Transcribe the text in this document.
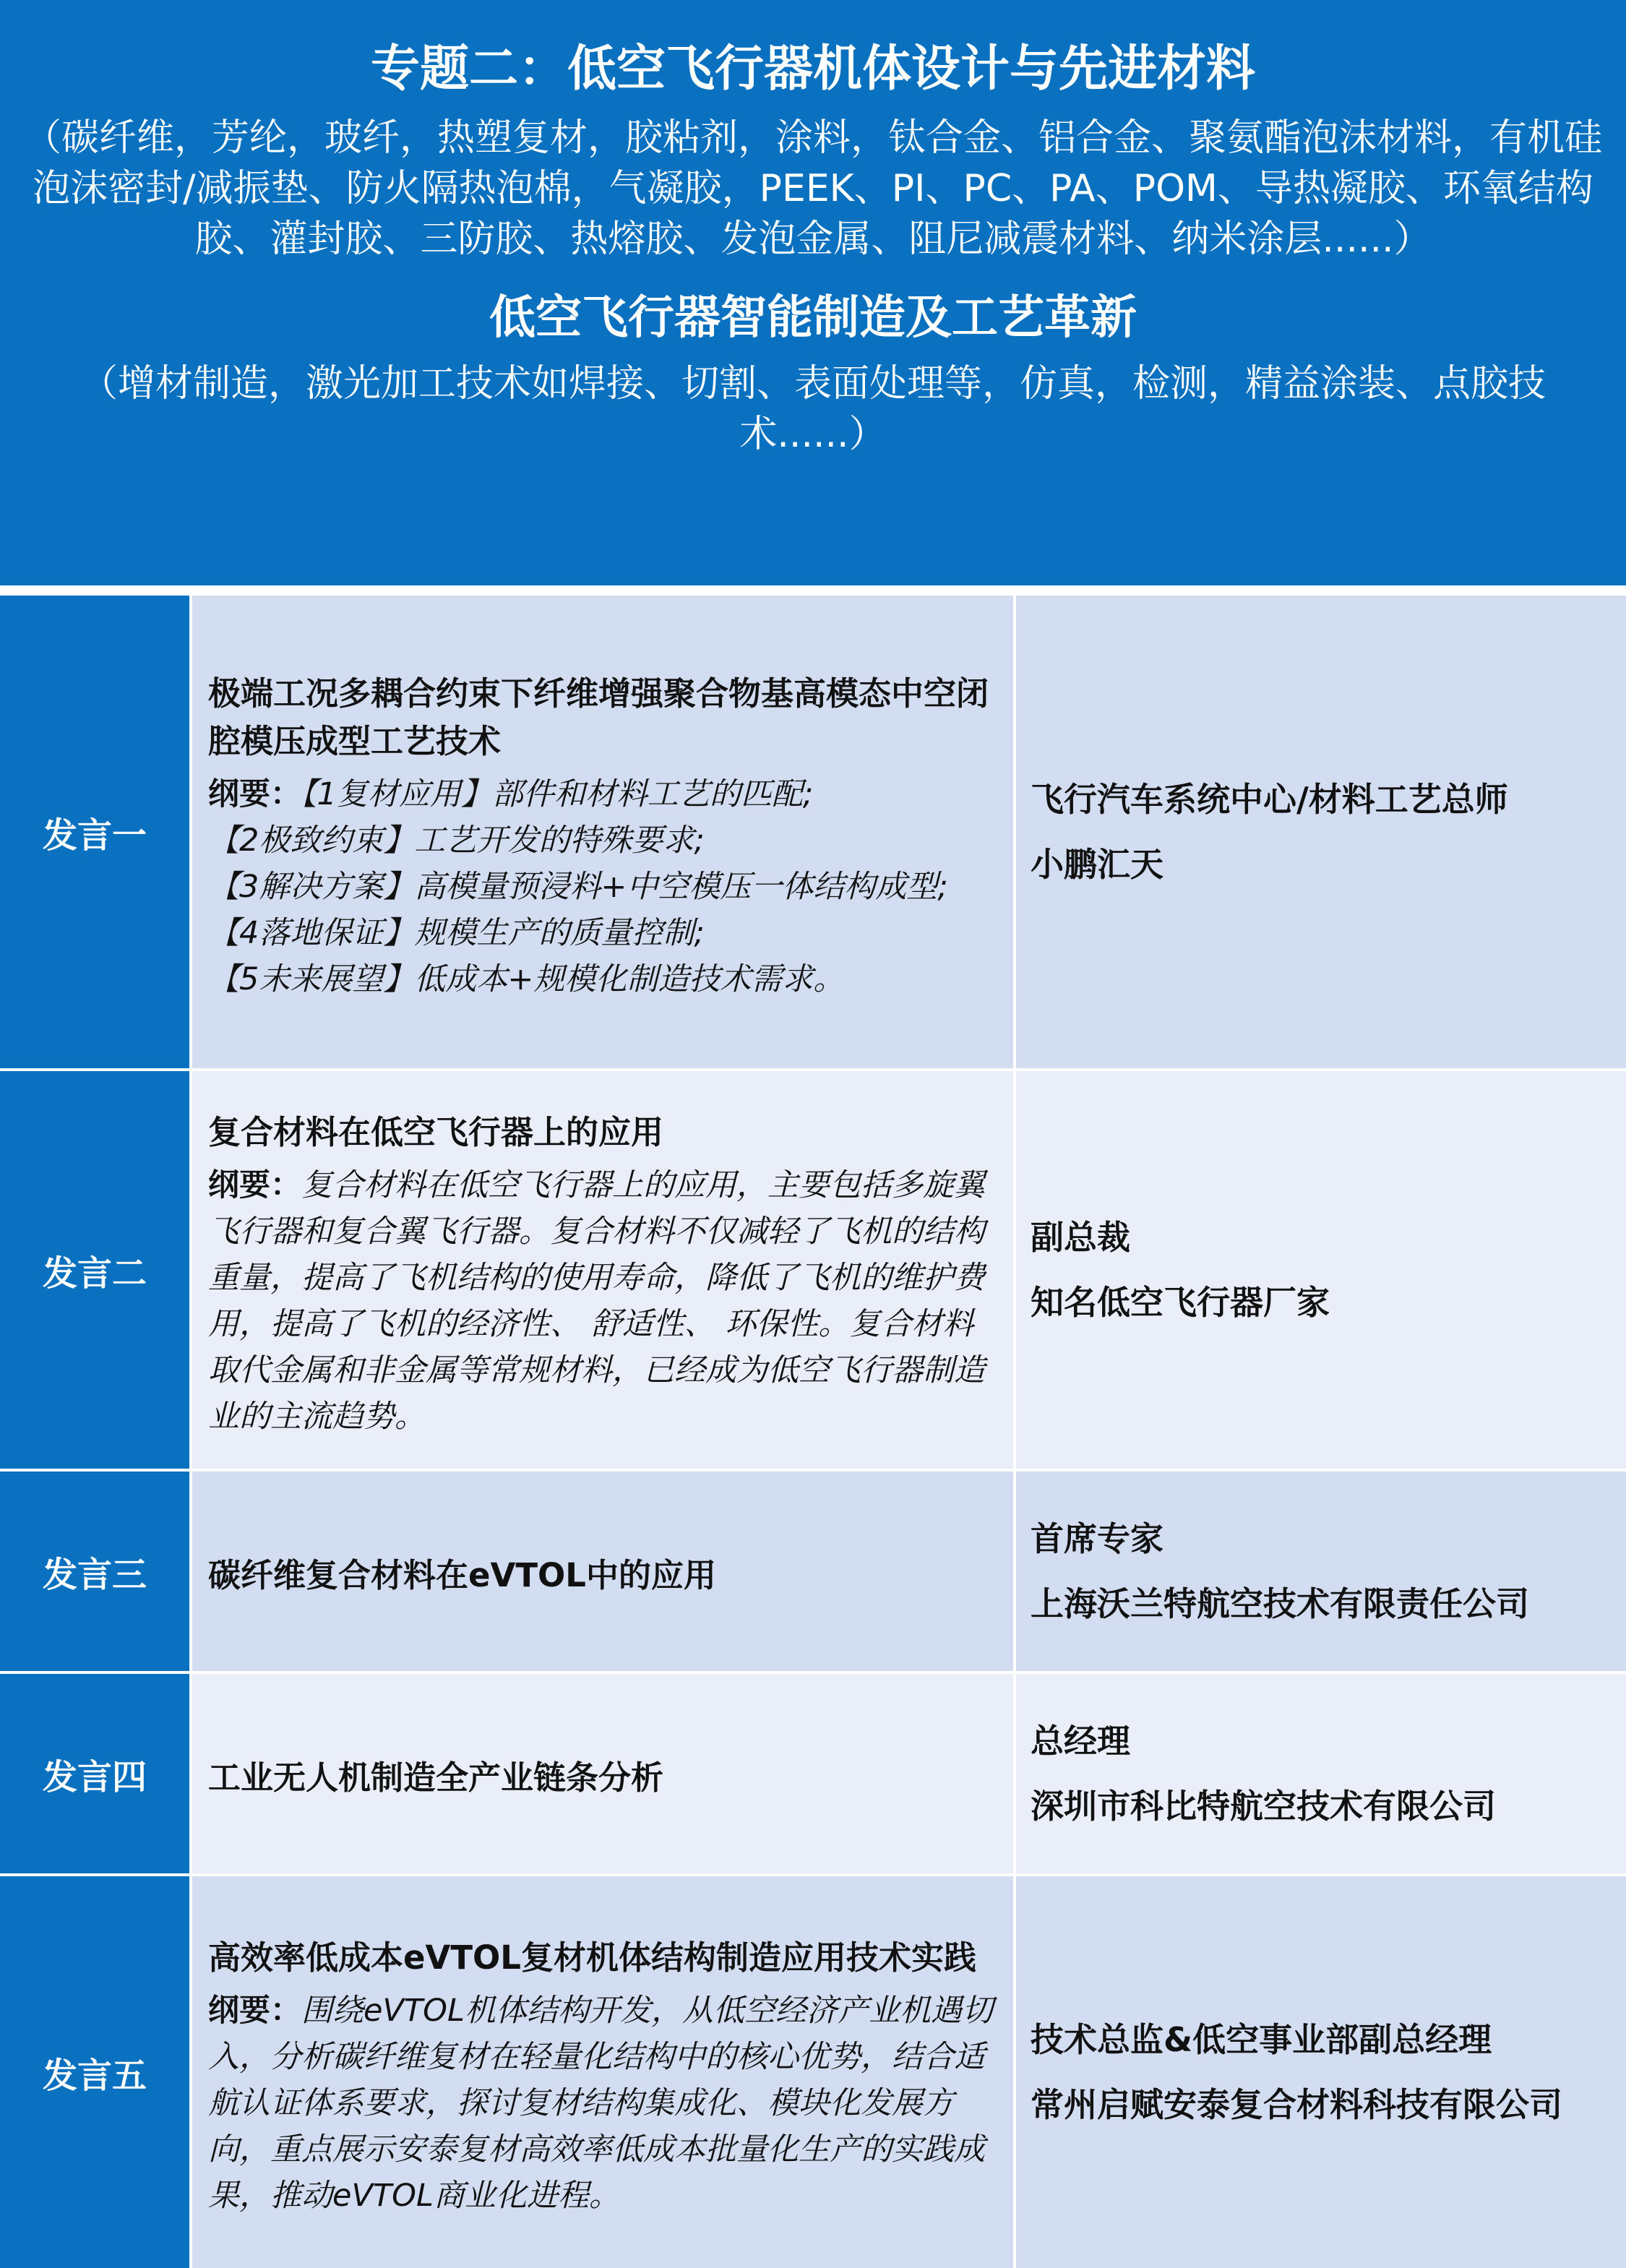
专题二：低空飞行器机体设计与先进材料
（碳纤维，芳纶，玻纤，热塑复材，胶粘剂，涂料，钛合金、铝合金、聚氨酯泡沫材料，有机硅泡沫密封/减振垫、防火隔热泡棉，气凝胶，PEEK、PI、PC、PA、POM、导热凝胶、环氧结构胶、灌封胶、三防胶、热熔胶、发泡金属、阻尼减震材料、纳米涂层......）
低空飞行器智能制造及工艺革新
（增材制造，激光加工技术如焊接、切割、表面处理等，仿真，检测，精益涂装、点胶技术......）
发言一
极端工况多耦合约束下纤维增强聚合物基高模态中空闭腔模压成型工艺技术
纲要：【1复材应用】部件和材料工艺的匹配;
【2极致约束】工艺开发的特殊要求;
【3解决方案】高模量预浸料+中空模压一体结构成型;
【4落地保证】规模生产的质量控制;
【5未来展望】低成本+规模化制造技术需求。
飞行汽车系统中心/材料工艺总师
小鹏汇天
发言二
复合材料在低空飞行器上的应用
纲要：复合材料在低空飞行器上的应用，主要包括多旋翼飞行器和复合翼飞行器。复合材料不仅减轻了飞机的结构重量，提高了飞机结构的使用寿命，降低了飞机的维护费用，提高了飞机的经济性、 舒适性、 环保性。复合材料取代金属和非金属等常规材料，已经成为低空飞行器制造业的主流趋势。
副总裁
知名低空飞行器厂家
发言三	碳纤维复合材料在eVTOL中的应用
首席专家
上海沃兰特航空技术有限责任公司
发言四	工业无人机制造全产业链条分析
总经理
深圳市科比特航空技术有限公司
发言五
高效率低成本eVTOL复材机体结构制造应用技术实践
纲要：围绕eVTOL机体结构开发，从低空经济产业机遇切入，分析碳纤维复材在轻量化结构中的核心优势，结合适航认证体系要求，探讨复材结构集成化、模块化发展方向，重点展示安泰复材高效率低成本批量化生产的实践成果，推动eVTOL商业化进程。
技术总监&低空事业部副总经理
常州启赋安泰复合材料科技有限公司
